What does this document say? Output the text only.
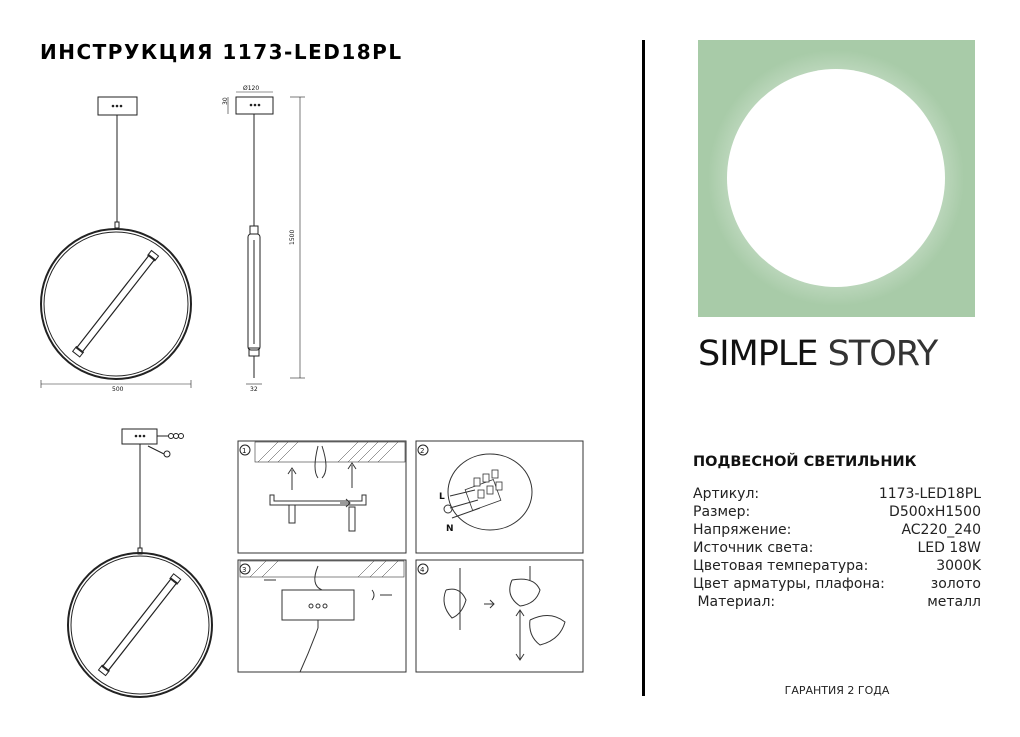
ИНСТРУКЦИЯ 1173-LED18PL
500
Ø120
30
1500
32
1	2
L
N
3	4
SIMPLE STORY
ПОДВЕСНОЙ СВЕТИЛЬНИК
Артикул:	1173-LED18PL
Размер:	D500xH1500
Напряжение:	AC220_240
Источник света:	LED 18W
Цветовая температура:	3000K
Цвет арматуры, плафона:	золото
Материал:	металл
ГАРАНТИЯ 2 ГОДА
